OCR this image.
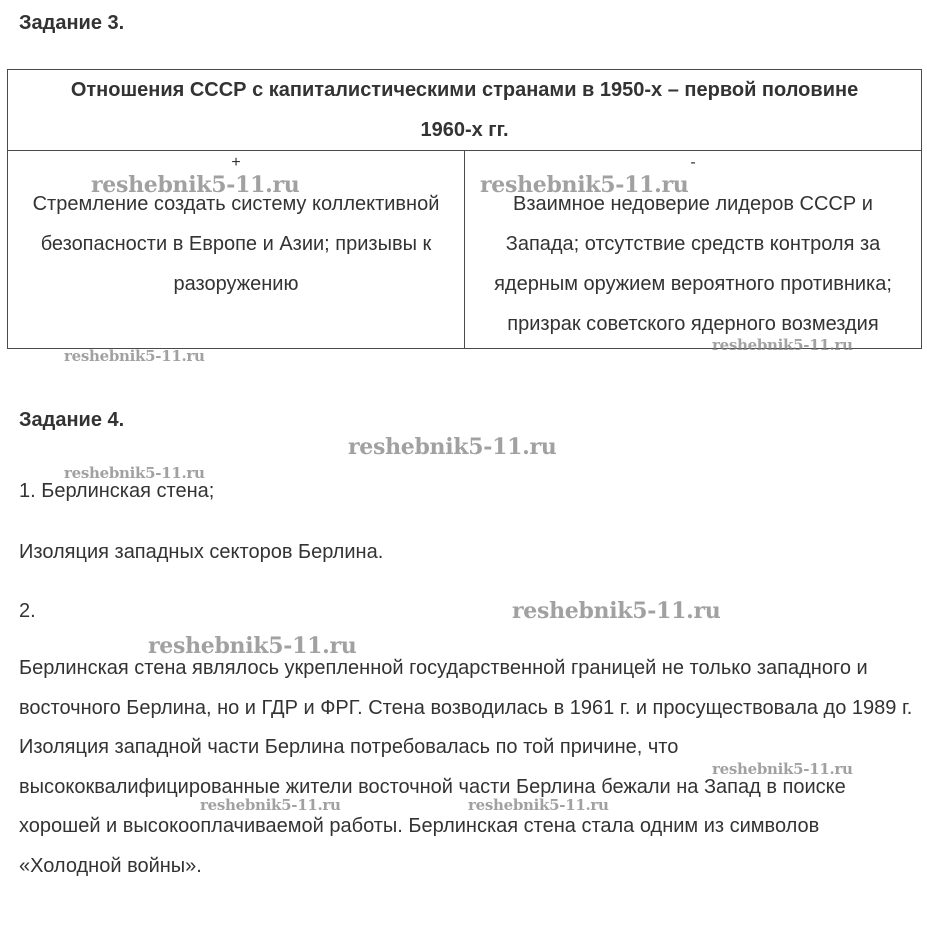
Задание 3.
Отношения СССР с капиталистическими странами в 1950-х – первой половине 1960-х гг.

+
Стремление создать систему коллективной безопасности в Европе и Азии; призывы к разоружению

-
Взаимное недоверие лидеров СССР и Запада; отсутствие средств контроля за ядерным оружием вероятного противника; призрак советского ядерного возмездия
Задание 4.

1. Берлинская стена;

Изоляция западных секторов Берлина.

2.

Берлинская стена являлось укрепленной государственной границей не только западного и восточного Берлина, но и ГДР и ФРГ. Стена возводилась в 1961 г. и просуществовала до 1989 г. Изоляция западной части Берлина потребовалась по той причине, что высококвалифицированные жители восточной части Берлина бежали на Запад в поиске хорошей и высокооплачиваемой работы. Берлинская стена стала одним из символов «Холодной войны».

reshebnik5-11.ru	reshebnik5-11.ru
reshebnik5-11.ru
reshebnik5-11.ru
reshebnik5-11.ru
reshebnik5-11.ru
reshebnik5-11.ru
reshebnik5-11.ru
reshebnik5-11.ru
reshebnik5-11.ru	reshebnik5-11.ru
